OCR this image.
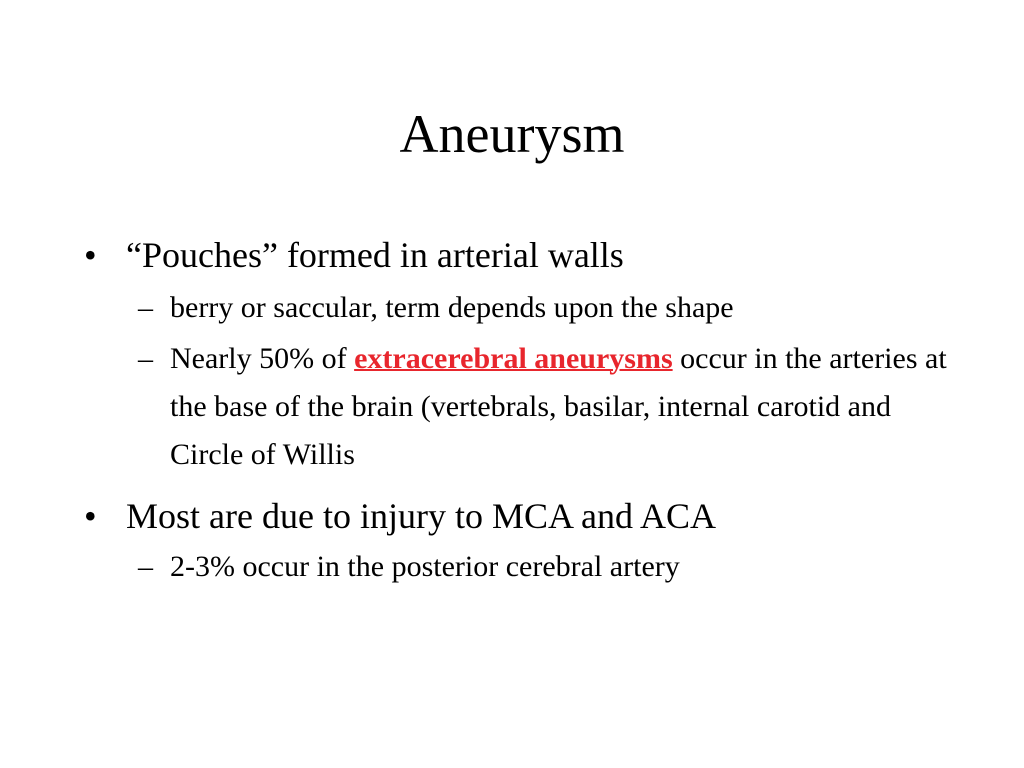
Aneurysm
• “Pouches” formed in arterial walls
– berry or saccular, term depends upon the shape
– Nearly 50% of extracerebral aneurysms occur in the arteries at the base of the brain (vertebrals, basilar, internal carotid and Circle of Willis
• Most are due to injury to MCA and ACA
– 2-3% occur in the posterior cerebral artery
